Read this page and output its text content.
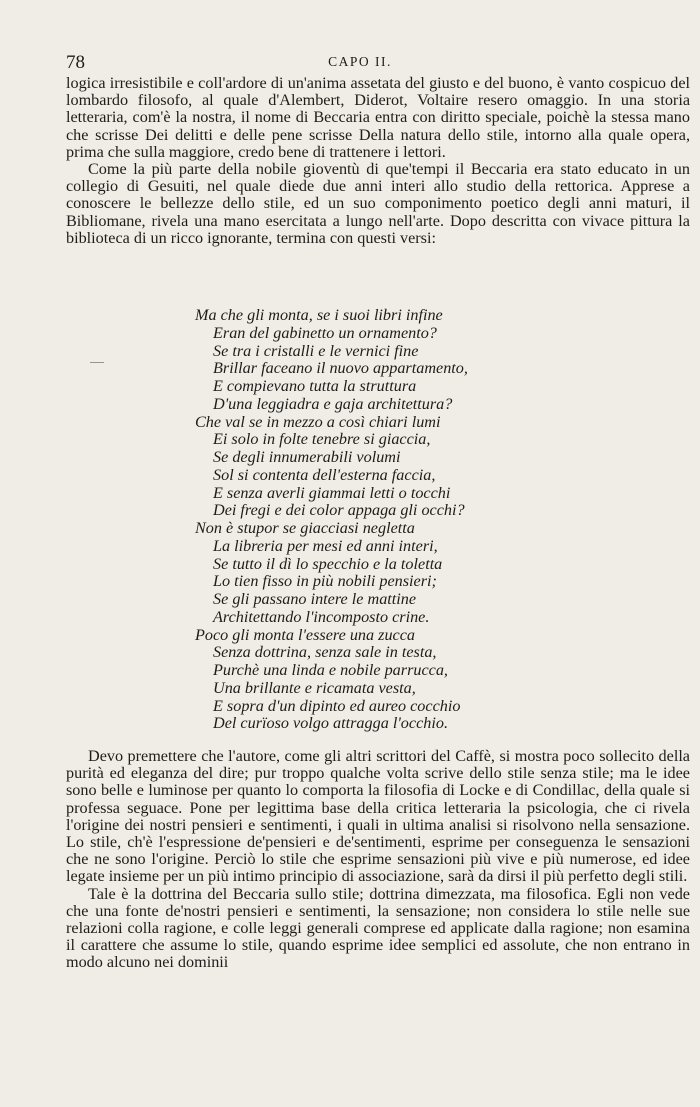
78	CAPO II.

logica irresistibile e coll'ardore di un'anima assetata del giusto e del buono, è vanto cospicuo del lombardo filosofo, al quale d'Alembert, Diderot, Voltaire resero omaggio. In una storia letteraria, com'è la nostra, il nome di Beccaria entra con diritto speciale, poichè la stessa mano che scrisse Dei delitti e delle pene scrisse Della natura dello stile, intorno alla quale opera, prima che sulla maggiore, credo bene di trattenere i lettori.

Come la più parte della nobile gioventù di que'tempi il Beccaria era stato educato in un collegio di Gesuiti, nel quale diede due anni interi allo studio della rettorica. Apprese a conoscere le bellezze dello stile, ed un suo componimento poetico degli anni maturi, il Bibliomane, rivela una mano esercitata a lungo nell'arte. Dopo descritta con vivace pittura la biblioteca di un ricco ignorante, termina con questi versi:

Ma che gli monta, se i suoi libri infine
Eran del gabinetto un ornamento?
Se tra i cristalli e le vernici fine
Brillar faceano il nuovo appartamento,
E compievano tutta la struttura
D'una leggiadra e gaja architettura?
Che val se in mezzo a così chiari lumi
Ei solo in folte tenebre si giaccia,
Se degli innumerabili volumi
Sol si contenta dell'esterna faccia,
E senza averli giammai letti o tocchi
Dei fregi e dei color appaga gli occhi?
Non è stupor se giacciasi negletta
La libreria per mesi ed anni interi,
Se tutto il dì lo specchio e la toletta
Lo tien fisso in più nobili pensieri;
Se gli passano intere le mattine
Architettando l'incomposto crine.
Poco gli monta l'essere una zucca
Senza dottrina, senza sale in testa,
Purchè una linda e nobile parrucca,
Una brillante e ricamata vesta,
E sopra d'un dipinto ed aureo cocchio
Del curïoso volgo attragga l'occhio.

Devo premettere che l'autore, come gli altri scrittori del Caffè, si mostra poco sollecito della purità ed eleganza del dire; pur troppo qualche volta scrive dello stile senza stile; ma le idee sono belle e luminose per quanto lo comporta la filosofia di Locke e di Condillac, della quale si professa seguace. Pone per legittima base della critica letteraria la psicologia, che ci rivela l'origine dei nostri pensieri e sentimenti, i quali in ultima analisi si risolvono nella sensazione. Lo stile, ch'è l'espressione de'pensieri e de'sentimenti, esprime per conseguenza le sensazioni che ne sono l'origine. Perciò lo stile che esprime sensazioni più vive e più numerose, ed idee legate insieme per un più intimo principio di associazione, sarà da dirsi il più perfetto degli stili.

Tale è la dottrina del Beccaria sullo stile; dottrina dimezzata, ma filosofica. Egli non vede che una fonte de'nostri pensieri e sentimenti, la sensazione; non considera lo stile nelle sue relazioni colla ragione, e colle leggi generali comprese ed applicate dalla ragione; non esamina il carattere che assume lo stile, quando esprime idee semplici ed assolute, che non entrano in modo alcuno nei dominii
